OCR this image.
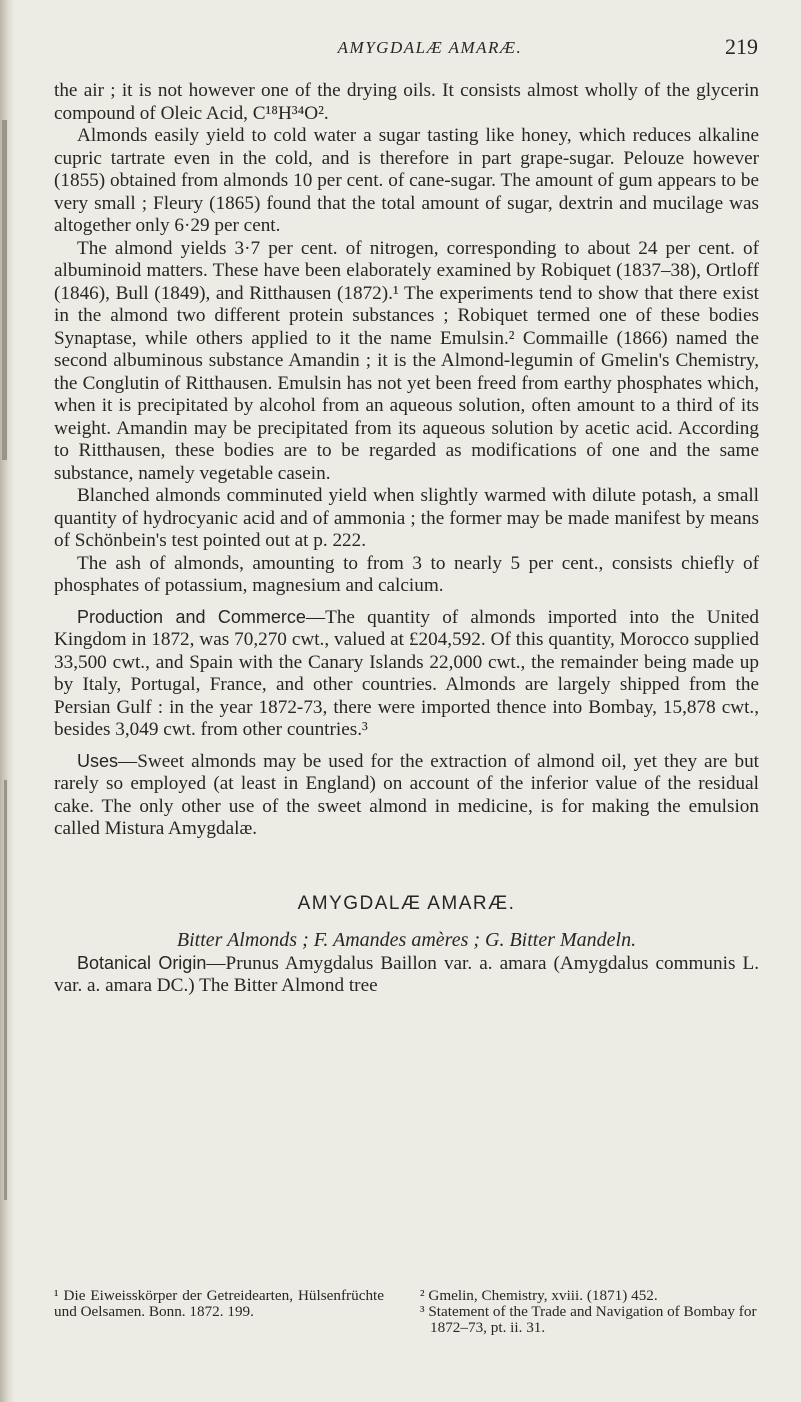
AMYGDALÆ AMARÆ.	219

the air ; it is not however one of the drying oils. It consists almost wholly of the glycerin compound of Oleic Acid, C¹⁸H³⁴O².

Almonds easily yield to cold water a sugar tasting like honey, which reduces alkaline cupric tartrate even in the cold, and is therefore in part grape-sugar. Pelouze however (1855) obtained from almonds 10 per cent. of cane-sugar. The amount of gum appears to be very small ; Fleury (1865) found that the total amount of sugar, dextrin and mucilage was altogether only 6·29 per cent.

The almond yields 3·7 per cent. of nitrogen, corresponding to about 24 per cent. of albuminoid matters. These have been elaborately examined by Robiquet (1837–38), Ortloff (1846), Bull (1849), and Ritthausen (1872).¹ The experiments tend to show that there exist in the almond two different protein substances ; Robiquet termed one of these bodies Synaptase, while others applied to it the name Emulsin.² Commaille (1866) named the second albuminous substance Amandin ; it is the Almond-legumin of Gmelin's Chemistry, the Conglutin of Ritthausen. Emulsin has not yet been freed from earthy phosphates which, when it is precipitated by alcohol from an aqueous solution, often amount to a third of its weight. Amandin may be precipitated from its aqueous solution by acetic acid. According to Ritthausen, these bodies are to be regarded as modifications of one and the same substance, namely vegetable casein.

Blanched almonds comminuted yield when slightly warmed with dilute potash, a small quantity of hydrocyanic acid and of ammonia ; the former may be made manifest by means of Schönbein's test pointed out at p. 222.

The ash of almonds, amounting to from 3 to nearly 5 per cent., consists chiefly of phosphates of potassium, magnesium and calcium.

Production and Commerce—The quantity of almonds imported into the United Kingdom in 1872, was 70,270 cwt., valued at £204,592. Of this quantity, Morocco supplied 33,500 cwt., and Spain with the Canary Islands 22,000 cwt., the remainder being made up by Italy, Portugal, France, and other countries. Almonds are largely shipped from the Persian Gulf : in the year 1872-73, there were imported thence into Bombay, 15,878 cwt., besides 3,049 cwt. from other countries.³

Uses—Sweet almonds may be used for the extraction of almond oil, yet they are but rarely so employed (at least in England) on account of the inferior value of the residual cake. The only other use of the sweet almond in medicine, is for making the emulsion called Mistura Amygdalæ.

AMYGDALÆ AMARÆ.
Bitter Almonds ; F. Amandes amères ; G. Bitter Mandeln.

Botanical Origin—Prunus Amygdalus Baillon var. a. amara (Amygdalus communis L. var. a. amara DC.) The Bitter Almond tree

¹ Die Eiweisskörper der Getreidearten, Hülsenfrüchte und Oelsamen. Bonn. 1872. 199.

² Gmelin, Chemistry, xviii. (1871) 452.

³ Statement of the Trade and Navigation of Bombay for 1872–73, pt. ii. 31.
